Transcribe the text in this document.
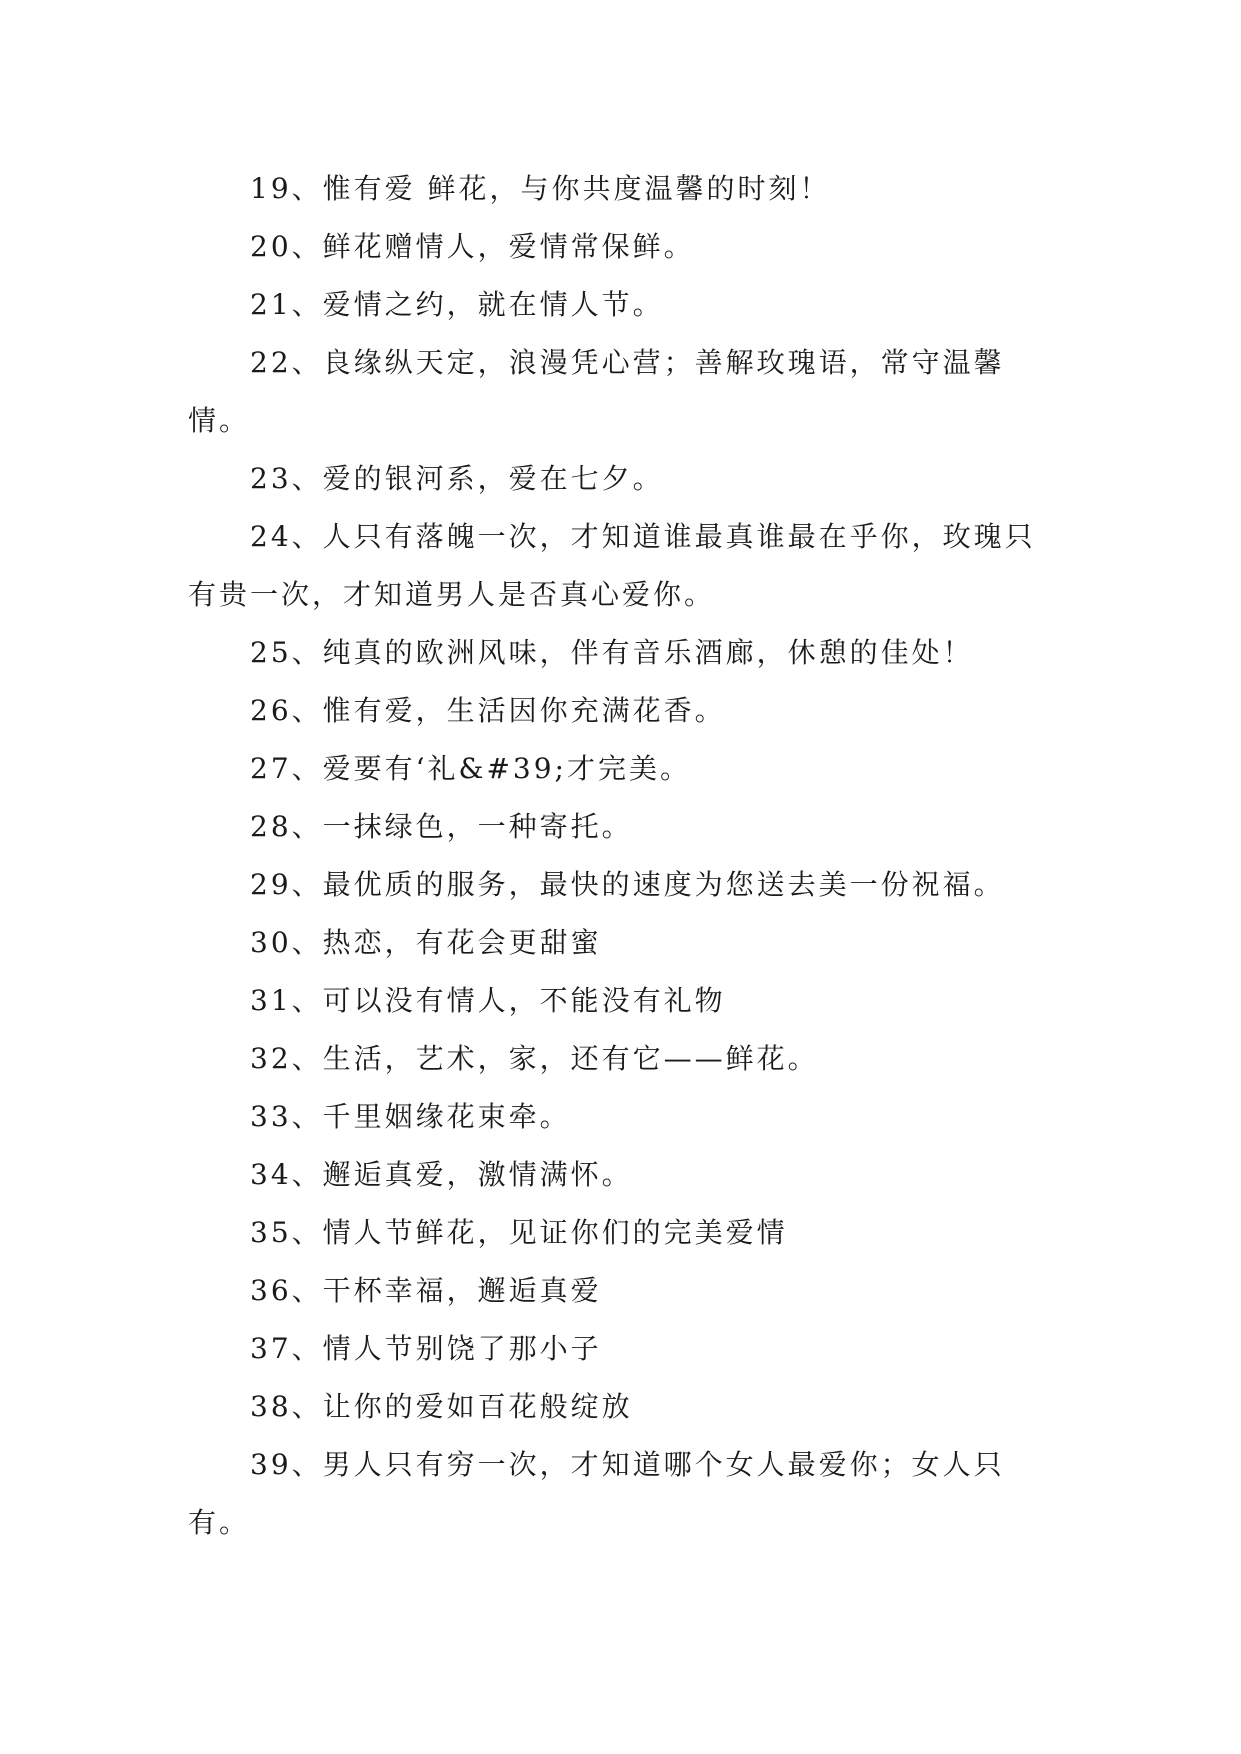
19、惟有爱 鲜花，与你共度温馨的时刻！

20、鲜花赠情人，爱情常保鲜。

21、爱情之约，就在情人节。

22、良缘纵天定，浪漫凭心营；善解玫瑰语，常守温馨情。

23、爱的银河系，爱在七夕。

24、人只有落魄一次，才知道谁最真谁最在乎你，玫瑰只有贵一次，才知道男人是否真心爱你。

25、纯真的欧洲风味，伴有音乐酒廊，休憩的佳处！

26、惟有爱，生活因你充满花香。

27、爱要有‘礼&#39;才完美。

28、一抹绿色，一种寄托。

29、最优质的服务，最快的速度为您送去美一份祝福。

30、热恋，有花会更甜蜜

31、可以没有情人，不能没有礼物

32、生活，艺术，家，还有它——鲜花。

33、千里姻缘花束牵。

34、邂逅真爱，激情满怀。

35、情人节鲜花，见证你们的完美爱情

36、干杯幸福，邂逅真爱

37、情人节别饶了那小子

38、让你的爱如百花般绽放

39、男人只有穷一次，才知道哪个女人最爱你；女人只有。
